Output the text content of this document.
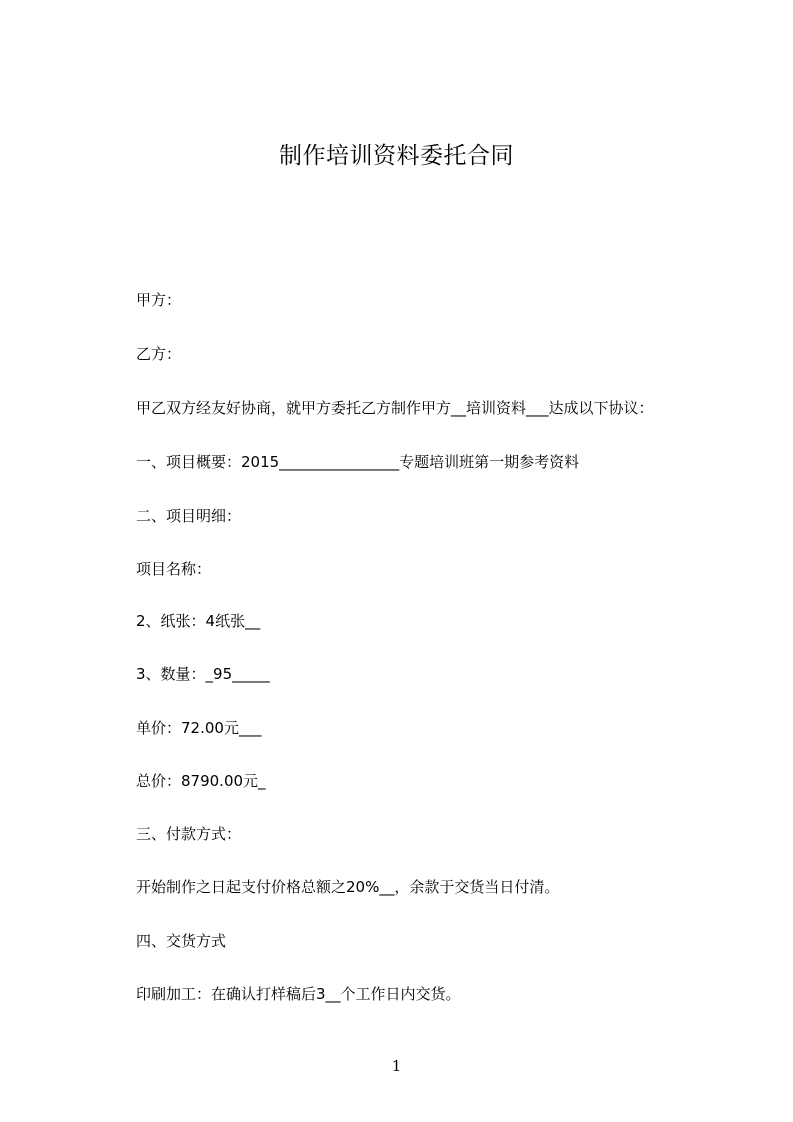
制作培训资料委托合同
甲方：
乙方：
甲乙双方经友好协商，就甲方委托乙方制作甲方__培训资料___达成以下协议：
一、项目概要：2015________________专题培训班第一期参考资料
二、项目明细：
项目名称：
2、纸张：4纸张__
3、数量：_95_____
单价：72.00元___
总价：8790.00元_
三、付款方式：
开始制作之日起支付价格总额之20%__，余款于交货当日付清。
四、交货方式
印刷加工：在确认打样稿后3__个工作日内交货。
1
